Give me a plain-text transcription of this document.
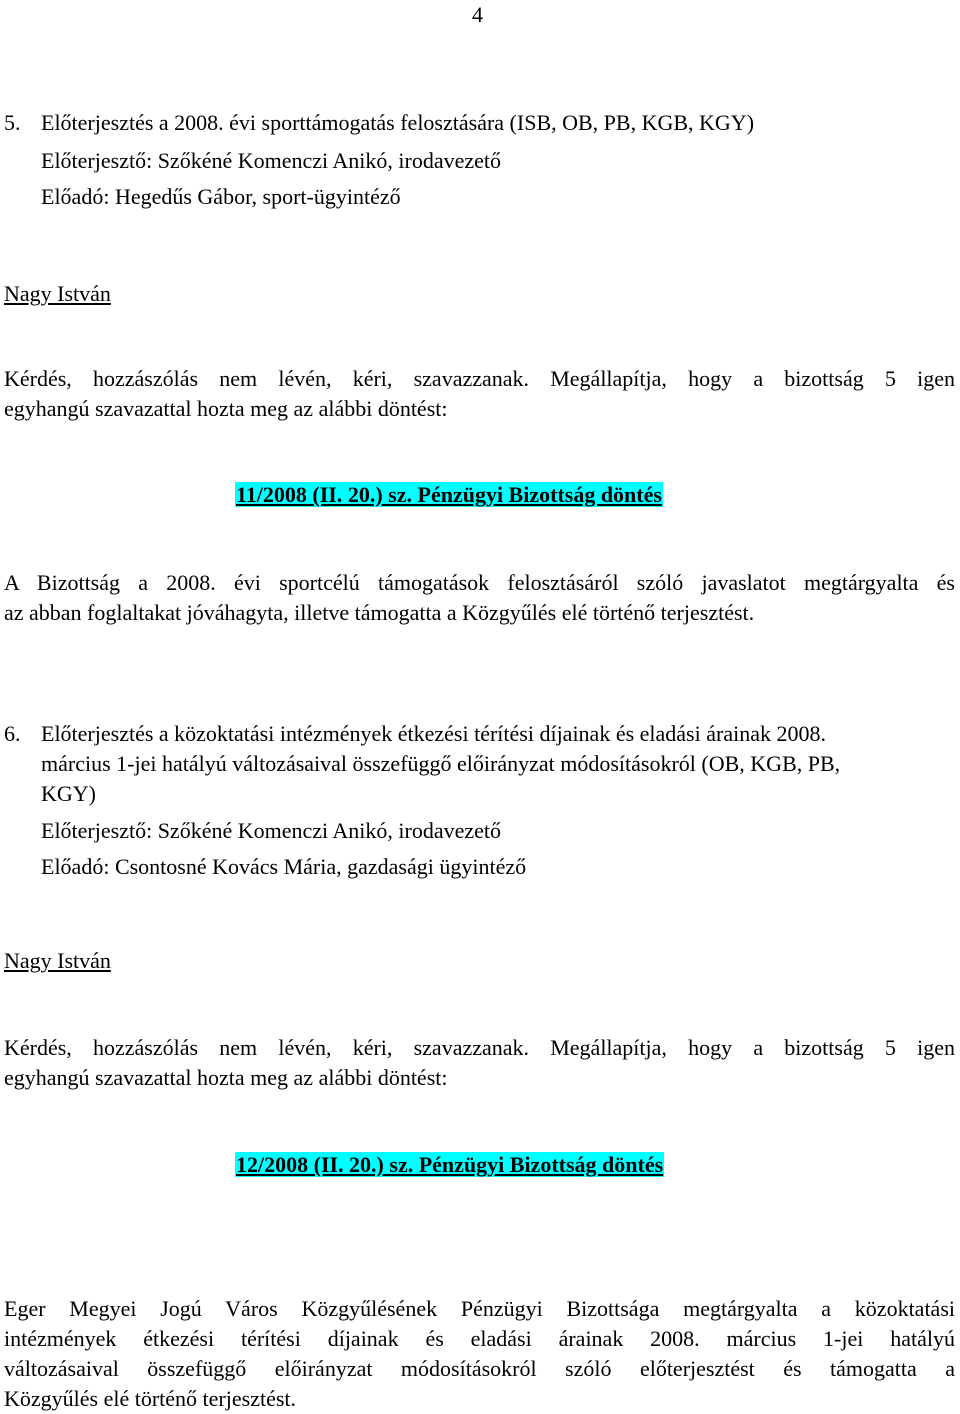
4
5. Előterjesztés a 2008. évi sporttámogatás felosztására (ISB, OB, PB, KGB, KGY)
Előterjesztő: Szőkéné Komenczi Anikó, irodavezető
Előadó: Hegedűs Gábor, sport-ügyintéző
Nagy István
Kérdés, hozzászólás nem lévén, kéri, szavazzanak. Megállapítja, hogy a bizottság 5 igen
egyhangú szavazattal hozta meg az alábbi döntést:
11/2008 (II. 20.) sz. Pénzügyi Bizottság döntés
A Bizottság a 2008. évi sportcélú támogatások felosztásáról szóló javaslatot megtárgyalta és
az abban foglaltakat jóváhagyta, illetve támogatta a Közgyűlés elé történő terjesztést.
6. Előterjesztés a közoktatási intézmények étkezési térítési díjainak és eladási árainak 2008.
március 1-jei hatályú változásaival összefüggő előirányzat módosításokról (OB, KGB, PB,
KGY)
Előterjesztő: Szőkéné Komenczi Anikó, irodavezető
Előadó: Csontosné Kovács Mária, gazdasági ügyintéző
Nagy István
Kérdés, hozzászólás nem lévén, kéri, szavazzanak. Megállapítja, hogy a bizottság 5 igen
egyhangú szavazattal hozta meg az alábbi döntést:
12/2008 (II. 20.) sz. Pénzügyi Bizottság döntés
Eger Megyei Jogú Város Közgyűlésének Pénzügyi Bizottsága megtárgyalta a közoktatási
intézmények étkezési térítési díjainak és eladási árainak 2008. március 1-jei hatályú
változásaival összefüggő előirányzat módosításokról szóló előterjesztést és támogatta a
Közgyűlés elé történő terjesztést.
